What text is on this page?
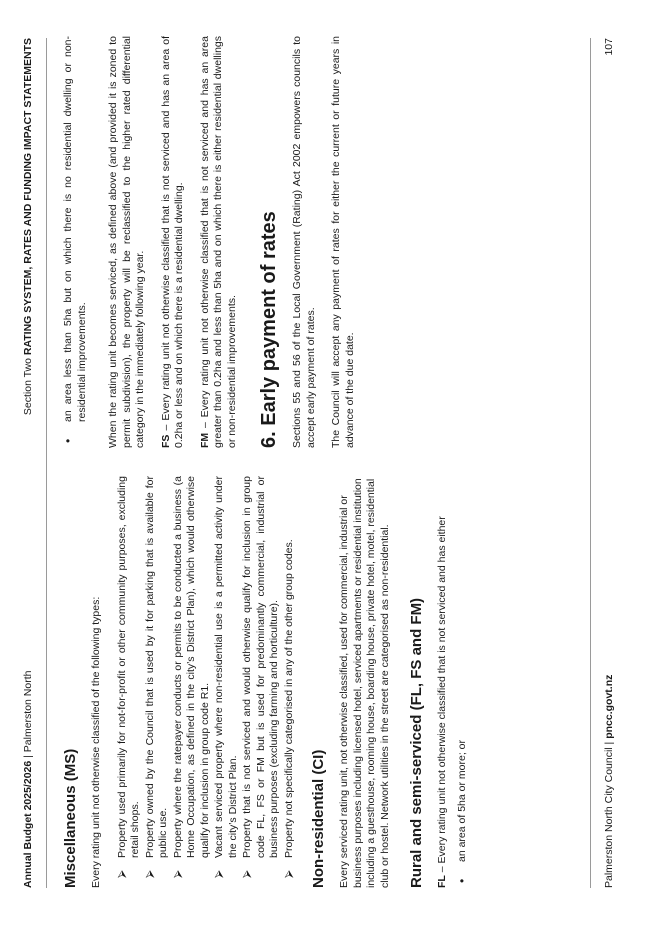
Annual Budget 2025/2026 | Palmerston North
Section Two RATING SYSTEM, RATES AND FUNDING IMPACT STATEMENTS
Miscellaneous (MS) Every rating unit not otherwise classified of the following types: ⮚
Property used primarily for not-for-profit or other community purposes, excluding retail shops.
⮚
Property owned by the Council that is used by it for parking that is available for public use.
⮚
Property where the ratepayer conducts or permits to be conducted a business (a Home Occupation, as defined in the city’s District Plan), which would otherwise qualify for inclusion in group code R1.
⮚
Vacant serviced property where non-residential use is a permitted activity under the city’s District Plan.
⮚
Property that is not serviced and would otherwise qualify for inclusion in group code FL, FS or FM but is used for predominantly commercial, industrial or business purposes (excluding farming and horticulture).
⮚
Property not specifically categorised in any of the other group codes. Non-residential (CI) Every serviced rating unit, not otherwise classified, used for commercial, industrial or business purposes including licensed hotel, serviced apartments or residential institution including a guesthouse, rooming house, boarding house, private hotel, motel, residential club or hostel. Network utilities in the street are categorised as non-residential. Rural and semi-serviced (FL, FS and FM) FL – Every rating unit not otherwise classified that is not serviced and has either

•
an area of 5ha or more; or
•
an area less than 5ha but on which there is no residential dwelling or non-residential improvements. When the rating unit becomes serviced, as defined above (and provided it is zoned to permit subdivision), the property will be reclassified to the higher rated differential category in the immediately following year. FS – Every rating unit not otherwise classified that is not serviced and has an area of 0.2ha or less and on which there is a residential dwelling. FM – Every rating unit not otherwise classified that is not serviced and has an area greater than 0.2ha and less than 5ha and on which there is either residential dwellings or non-residential improvements. 6. Early payment of rates Sections 55 and 56 of the Local Government (Rating) Act 2002 empowers councils to accept early payment of rates. The Council will accept any payment of rates for either the current or future years in advance of the due date.

Palmerston North City Council | pncc.govt.nz
107
